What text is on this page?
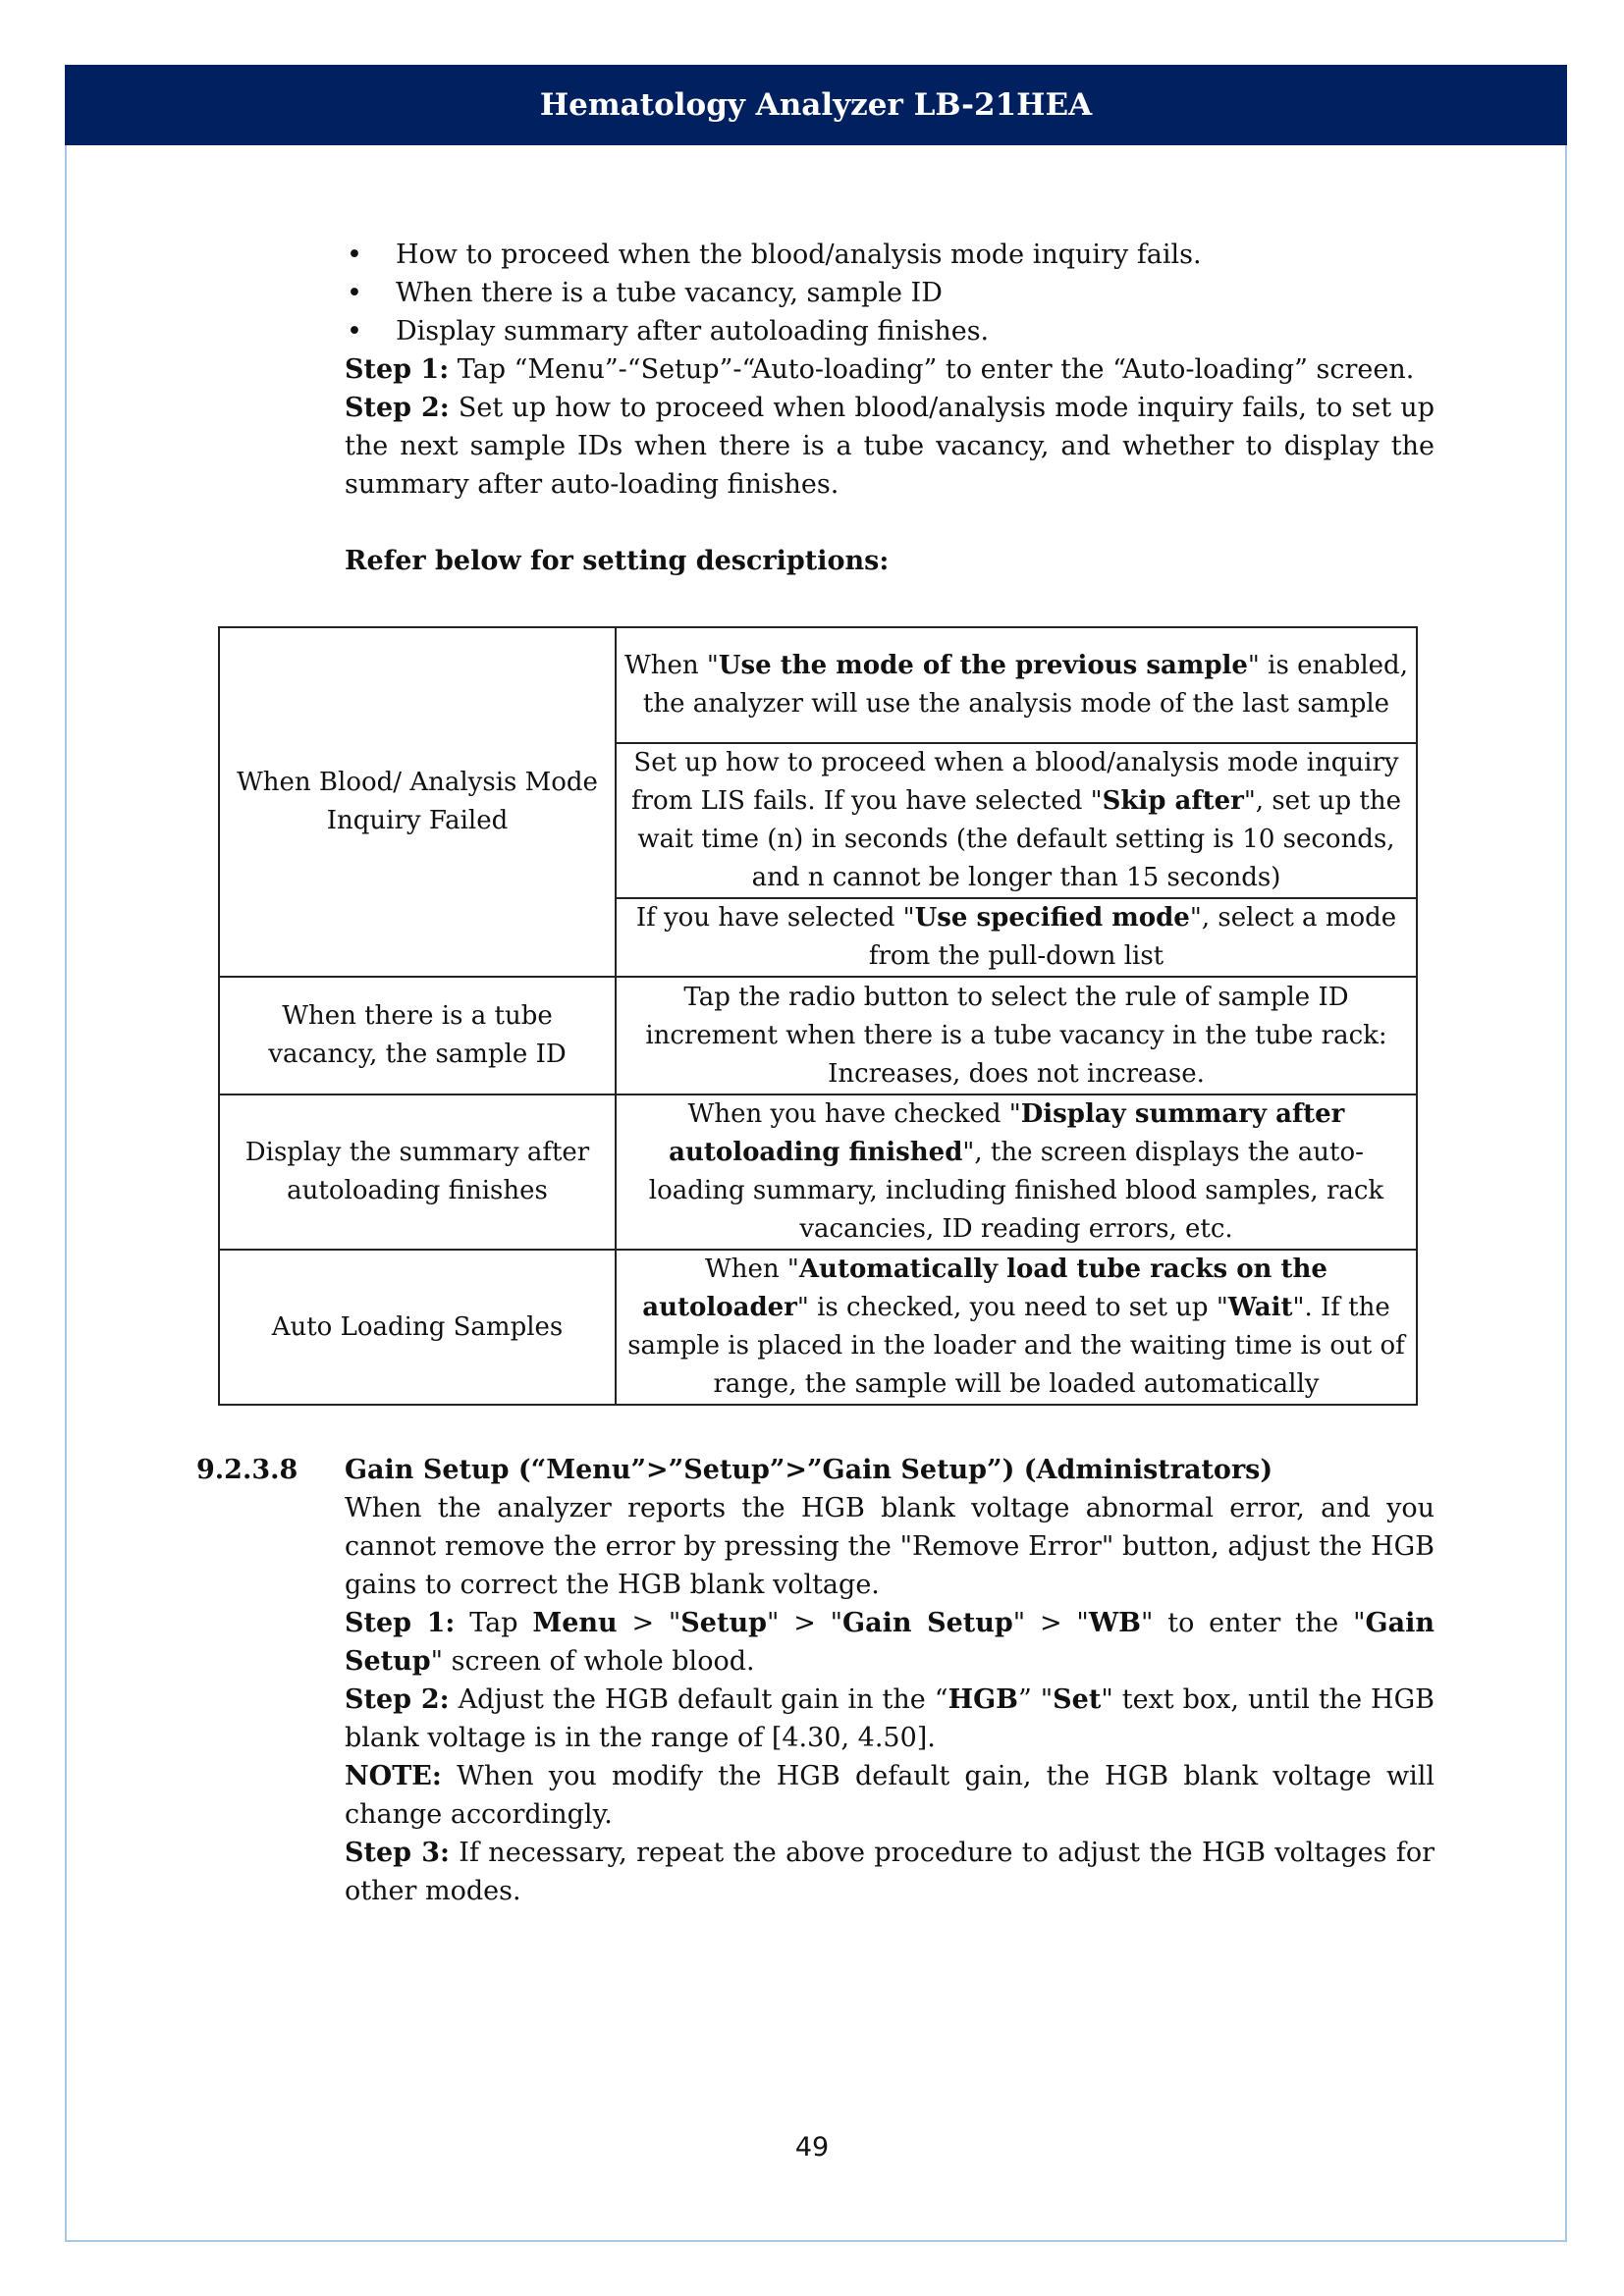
Hematology Analyzer LB-21HEA
• How to proceed when the blood/analysis mode inquiry fails.
• When there is a tube vacancy, sample ID
• Display summary after autoloading finishes.

Step 1: Tap “Menu”-“Setup”-“Auto-loading” to enter the “Auto-loading” screen.

Step 2: Set up how to proceed when blood/analysis mode inquiry fails, to set up the next sample IDs when there is a tube vacancy, and whether to display the summary after auto-loading finishes.

Refer below for setting descriptions:

When Blood/ Analysis Mode Inquiry Failed	When "Use the mode of the previous sample" is enabled, the analyzer will use the analysis mode of the last sample
	Set up how to proceed when a blood/analysis mode inquiry from LIS fails. If you have selected "Skip after", set up the wait time (n) in seconds (the default setting is 10 seconds, and n cannot be longer than 15 seconds)
	If you have selected "Use specified mode", select a mode from the pull-down list
When there is a tube vacancy, the sample ID	Tap the radio button to select the rule of sample ID increment when there is a tube vacancy in the tube rack: Increases, does not increase.
Display the summary after autoloading finishes	When you have checked "Display summary after autoloading finished", the screen displays the auto-loading summary, including finished blood samples, rack vacancies, ID reading errors, etc.
Auto Loading Samples	When "Automatically load tube racks on the autoloader" is checked, you need to set up "Wait". If the sample is placed in the loader and the waiting time is out of range, the sample will be loaded automatically
9.2.3.8 Gain Setup (“Menu”>”Setup”>”Gain Setup”) (Administrators)

When the analyzer reports the HGB blank voltage abnormal error, and you cannot remove the error by pressing the "Remove Error" button, adjust the HGB gains to correct the HGB blank voltage.

Step 1: Tap Menu > "Setup" > "Gain Setup" > "WB" to enter the "Gain Setup" screen of whole blood.

Step 2: Adjust the HGB default gain in the “HGB” "Set" text box, until the HGB blank voltage is in the range of [4.30, 4.50].

NOTE: When you modify the HGB default gain, the HGB blank voltage will change accordingly.

Step 3: If necessary, repeat the above procedure to adjust the HGB voltages for other modes.

49
